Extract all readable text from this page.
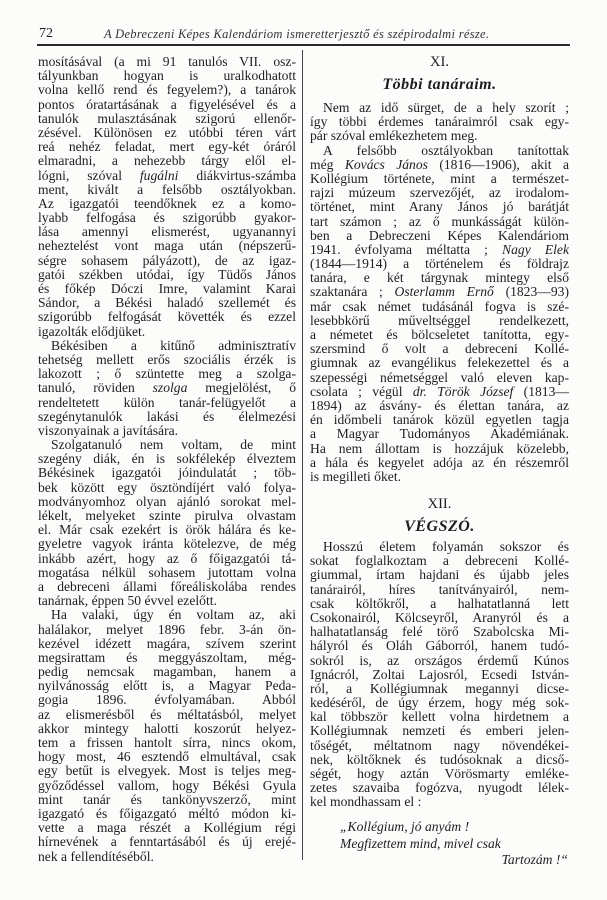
72	A Debreczeni Képes Kalendáriom ismeretterjesztő és szépirodalmi része.
mosításával (a mi 91 tanulós VII. osz-
tályunkban hogyan is uralkodhatott
volna kellő rend és fegyelem?), a tanárok
pontos óratartásának a figyelésével és a
tanulók mulasztásának szigorú ellenőr-
zésével. Különösen ez utóbbi téren várt
reá nehéz feladat, mert egy-két óráról
elmaradni, a nehezebb tárgy elől el-
lógni, szóval fugálni diákvirtus-számba
ment, kivált a felsőbb osztályokban.
Az igazgatói teendőknek ez a komo-
lyabb felfogása és szigorúbb gyakor-
lása amennyi elismerést, ugyanannyi
neheztelést vont maga után (népszerű-
ségre sohasem pályázott), de az igaz-
gatói székben utódai, így Tüdős János
és főkép Dóczi Imre, valamint Karai
Sándor, a Békési haladó szellemét és
szigorúbb felfogását követték és ezzel
igazolták elődjüket.
Békésiben a kitűnő adminisztratív
tehetség mellett erős szociális érzék is
lakozott ; ő szüntette meg a szolga-
tanuló, röviden szolga megjelölést, ő
rendeltetett külön tanár-felügyelőt a
szegénytanulók lakási és élelmezési
viszonyainak a javítására.
Szolgatanuló nem voltam, de mint
szegény diák, én is sokfélekép élveztem
Békésinek igazgatói jóindulatát ; töb-
bek között egy ösztöndíjért való folya-
modványomhoz olyan ajánló sorokat mel-
lékelt, melyeket szinte pirulva olvastam
el. Már csak ezekért is örök hálára és ke-
gyeletre vagyok iránta kötelezve, de még
inkább azért, hogy az ő főigazgatói tá-
mogatása nélkül sohasem jutottam volna
a debreceni állami főreáliskolába rendes
tanárnak, éppen 50 évvel ezelőtt.
Ha valaki, úgy én voltam az, aki
halálakor, melyet 1896 febr. 3-án ön-
kezével idézett magára, szívem szerint
megsirattam és meggyászoltam, még-
pedig nemcsak magamban, hanem a
nyilvánosság előtt is, a Magyar Peda-
gogia 1896. évfolyamában. Abból
az elismerésből és méltatásból, melyet
akkor mintegy halotti koszorút helyez-
tem a frissen hantolt sírra, nincs okom,
hogy most, 46 esztendő elmultával, csak
egy betűt is elvegyek. Most is teljes meg-
győződéssel vallom, hogy Békési Gyula
mint tanár és tankönyvszerző, mint
igazgató és főigazgató méltó módon ki-
vette a maga részét a Kollégium régi
hírnevének a fenntartásából és új erejé-
nek a fellendítéséből.
XI.
Többi tanáraim.
Nem az idő sürget, de a hely szorít ;
így többi érdemes tanáraimról csak egy-
pár szóval emlékezhetem meg.
A felsőbb osztályokban tanítottak
még Kovács János (1816—1906), akit a
Kollégium története, mint a természet-
rajzi múzeum szervezőjét, az irodalom-
történet, mint Arany János jó barátját
tart számon ; az ő munkásságát külön-
ben a Debreczeni Képes Kalendáriom
1941. évfolyama méltatta ; Nagy Elek
(1844—1914) a történelem és földrajz
tanára, e két tárgynak mintegy első
szaktanára ; Osterlamm Ernő (1823—93)
már csak német tudásánál fogva is szé-
lesebbkörű műveltséggel rendelkezett,
a németet és bölcseletet tanította, egy-
szersmind ő volt a debreceni Kollé-
giumnak az evangélikus felekezettel és a
szepességi németséggel való eleven kap-
csolata ; végül dr. Török József (1813—
1894) az ásvány- és élettan tanára, az
én időmbeli tanárok közül egyetlen tagja
a Magyar Tudományos Akadémiának.
Ha nem állottam is hozzájuk közelebb,
a hála és kegyelet adója az én részemről
is megilleti őket.
XII.
VÉGSZÓ.
Hosszú életem folyamán sokszor és
sokat foglalkoztam a debreceni Kollé-
giummal, írtam hajdani és újabb jeles
tanárairól, híres tanítványairól, nem-
csak költőkről, a halhatatlanná lett
Csokonairól, Kölcseyről, Aranyról és a
halhatatlanság felé törő Szabolcska Mi-
hályról és Oláh Gáborról, hanem tudó-
sokról is, az országos érdemű Kúnos
Ignácról, Zoltai Lajosról, Ecsedi István-
ról, a Kollégiumnak megannyi dicse-
kedéséről, de úgy érzem, hogy még sok-
kal többször kellett volna hirdetnem a
Kollégiumnak nemzeti és emberi jelen-
tőségét, méltatnom nagy növendékei-
nek, költőknek és tudósoknak a dicső-
ségét, hogy aztán Vörösmarty emléke-
zetes szavaiba fogózva, nyugodt lélek-
kel mondhassam el :
„Kollégium, jó anyám !
Megfizettem mind, mivel csak
Tartozám !“
